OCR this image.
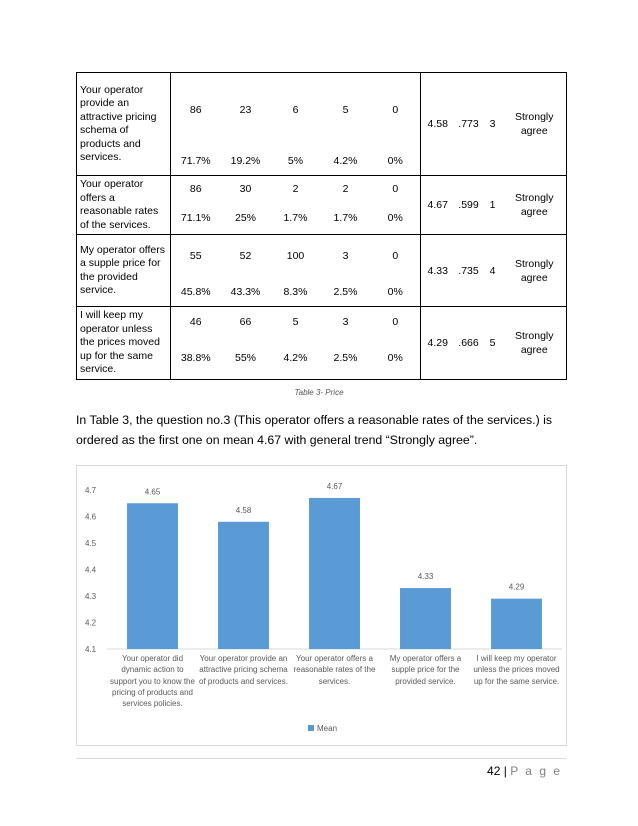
Your operator provide an attractive pricing schema of products and services.	86	23	6	5	0	4.58	.773	3	Strongly agree
	71.7%	19.2%	5%	4.2%	0%				
Your operator offers a reasonable rates of the services.	86	30	2	2	0	4.67	.599	1	Strongly agree
	71.1%	25%	1.7%	1.7%	0%				
My operator offers a supple price for the provided service.	55	52	100	3	0	4.33	.735	4	Strongly agree
	45.8%	43.3%	8.3%	2.5%	0%				
I will keep my operator unless the prices moved up for the same service.	46	66	5	3	0	4.29	.666	5	Strongly agree
	38.8%	55%	4.2%	2.5%	0%				
Table 3- Price
In Table 3, the question no.3 (This operator offers a reasonable rates of the services.) is ordered as the first one on mean 4.67 with general trend “Strongly agree”.
4.7
4.6
4.5
4.4
4.3
4.2
4.1
4.65
Your operator did dynamic action to support you to know the pricing of products and services policies.
4.58
Your operator provide an attractive pricing schema of products and services.
4.67
Your operator offers a reasonable rates of the services.
4.33
My operator offers a supple price for the provided service.
4.29
I will keep my operator unless the prices moved up for the same service.
Mean
42 | P a g e
